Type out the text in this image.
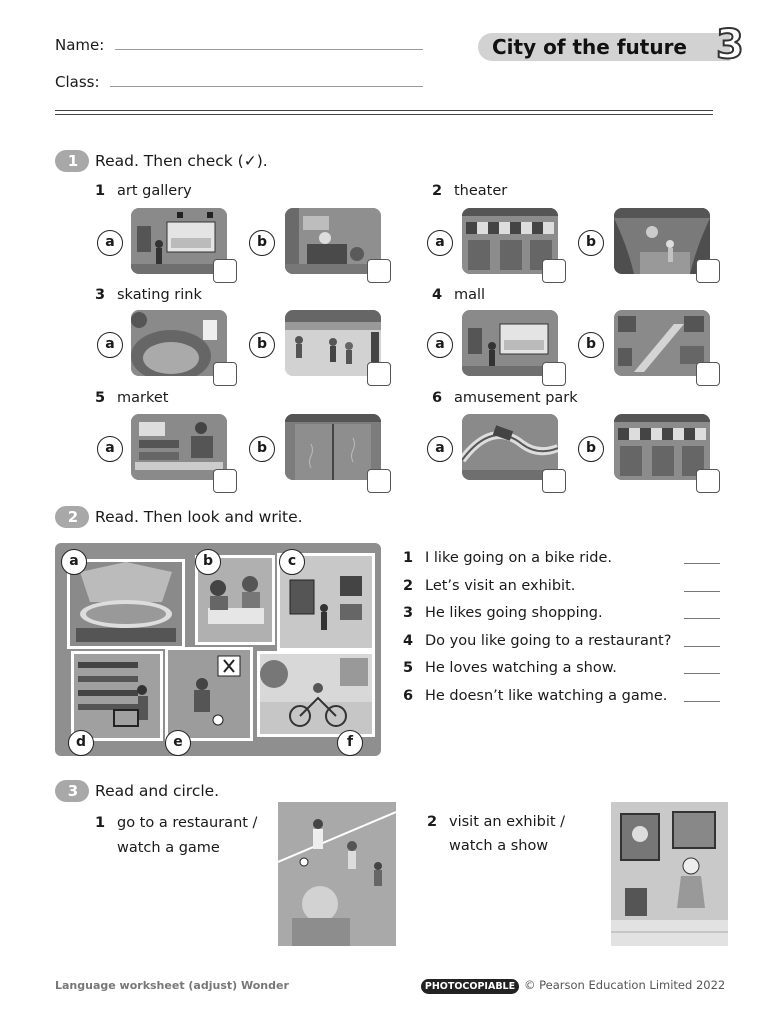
Name:
Class:
City of the future 3
1 Read. Then check (✓).
1 art gallery
a	b
2 theater
a	b
3 skating rink
a	b
4 mall
a	b
5 market
a	b
6 amusement park
a	b
2 Read. Then look and write.
a	b	c
d	e	f
1 I like going on a bike ride.
2 Let’s visit an exhibit.
3 He likes going shopping.
4 Do you like going to a restaurant?
5 He loves watching a show.
6 He doesn’t like watching a game.
3 Read and circle.
1 go to a restaurant /
watch a game
2 visit an exhibit /
watch a show
Language worksheet (adjust) Wonder	PHOTOCOPIABLE © Pearson Education Limited 2022
